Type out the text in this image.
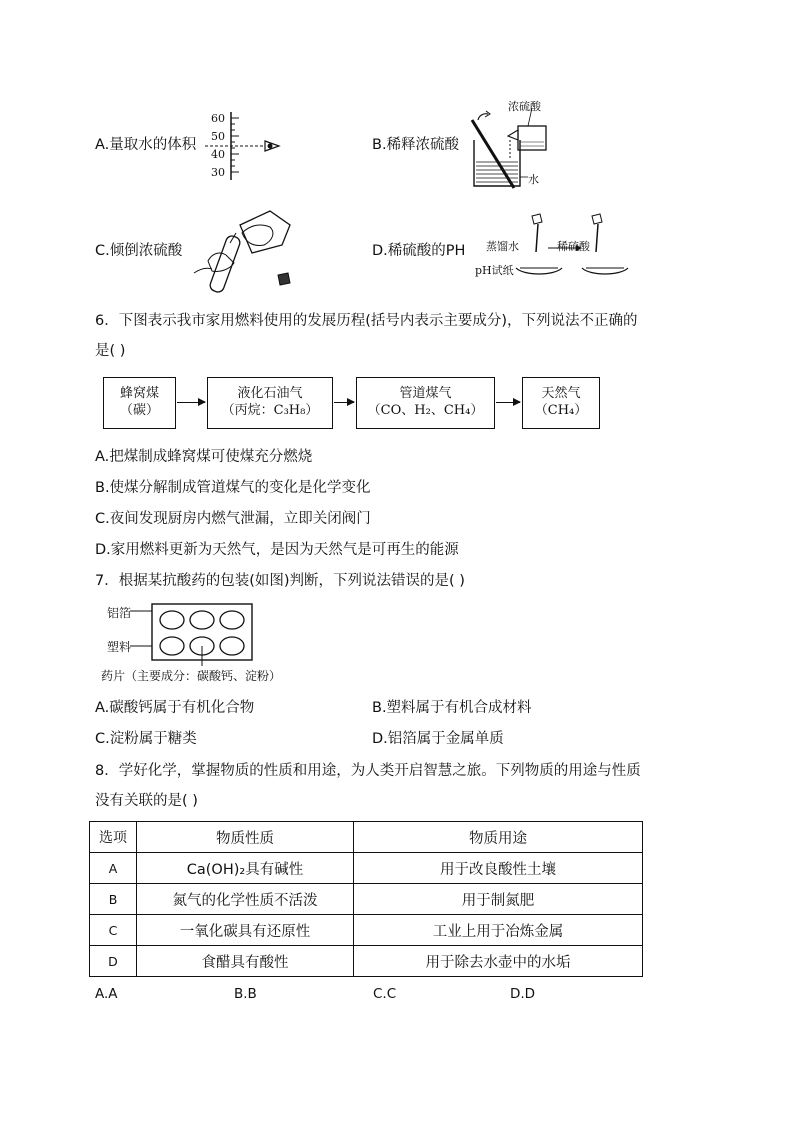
A.量取水的体积
60
50
40
30
B.稀释浓硫酸
浓硫酸
水
C.倾倒浓硫酸	D.稀硫酸的PH 蒸馏水
pH试纸
稀硫酸
6．下图表示我市家用燃料使用的发展历程(括号内表示主要成分)，下列说法不正确的
是( )
蜂窝煤
（碳）
液化石油气
（丙烷：C₃H₈）
管道煤气
（CO、H₂、CH₄）
天然气
（CH₄）
A.把煤制成蜂窝煤可使煤充分燃烧
B.使煤分解制成管道煤气的变化是化学变化
C.夜间发现厨房内燃气泄漏，立即关闭阀门
D.家用燃料更新为天然气，是因为天然气是可再生的能源
7．根据某抗酸药的包装(如图)判断，下列说法错误的是( )
铝箔
塑料
药片（主要成分：碳酸钙、淀粉）
A.碳酸钙属于有机化合物	B.塑料属于有机合成材料
C.淀粉属于糖类	D.铝箔属于金属单质
8．学好化学，掌握物质的性质和用途，为人类开启智慧之旅。下列物质的用途与性质
没有关联的是( )
选项	物质性质	物质用途
A	Ca(OH)₂具有碱性	用于改良酸性土壤
B	氮气的化学性质不活泼	用于制氮肥
C	一氧化碳具有还原性	工业上用于冶炼金属
D	食醋具有酸性	用于除去水壶中的水垢
A.A	B.B	C.C	D.D
